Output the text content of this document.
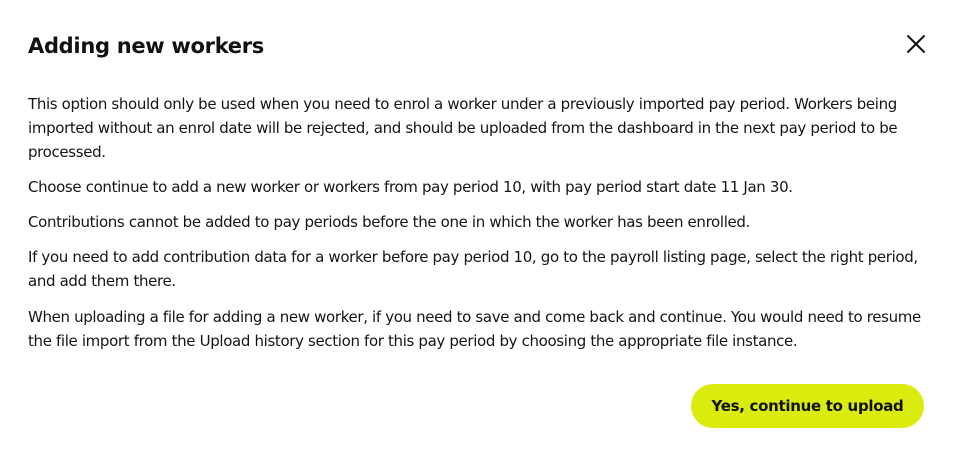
Adding new workers

This option should only be used when you need to enrol a worker under a previously imported pay period. Workers being imported without an enrol date will be rejected, and should be uploaded from the dashboard in the next pay period to be processed.

Choose continue to add a new worker or workers from pay period 10, with pay period start date 11 Jan 30.

Contributions cannot be added to pay periods before the one in which the worker has been enrolled.

If you need to add contribution data for a worker before pay period 10, go to the payroll listing page, select the right period, and add them there.

When uploading a file for adding a new worker, if you need to save and come back and continue. You would need to resume the file import from the Upload history section for this pay period by choosing the appropriate file instance.

Yes, continue to upload
